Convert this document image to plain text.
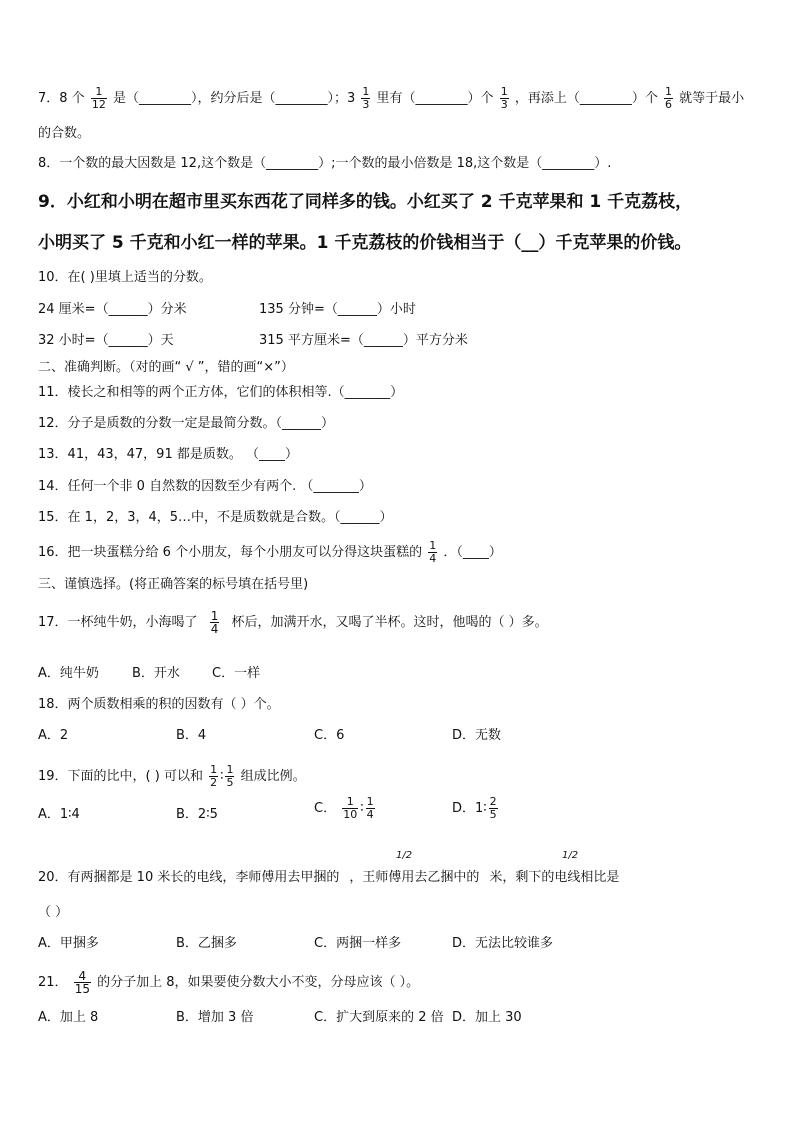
7．8 个 $\frac{1}{12}$ 是（________），约分后是（________）；$3 \frac{1}{3}$ 里有（________）个 $\frac{1}{3}$ ，再添上（________）个 $\frac{1}{6}$ 就等于最小
的合数。
8．一个数的最大因数是 12,这个数是（________）;一个数的最小倍数是 18,这个数是（________）.
9．小红和小明在超市里买东西花了同样多的钱。小红买了 2 千克苹果和 1 千克荔枝，
小明买了 5 千克和小红一样的苹果。1 千克荔枝的价钱相当于（__）千克苹果的价钱。
10．在( )里填上适当的分数。
24 厘米=（______）分米	135 分钟=（______）小时
32 小时=（______）天	315 平方厘米=（______）平方分米
二、准确判断。（对的画“ √ ”，错的画“×”）
11．棱长之和相等的两个正方体，它们的体积相等.（_______）
12．分子是质数的分数一定是最简分数。（______）
13．41，43，47，91 都是质数。 （____）
14．任何一个非 0 自然数的因数至少有两个. （_______）
15．在 1，2，3，4，5…中，不是质数就是合数。（______）
16．把一块蛋糕分给 6 个小朋友，每个小朋友可以分得这块蛋糕的 $\frac{1}{4}$ ．（____）
三、谨慎选择。(将正确答案的标号填在括号里)
17．一杯纯牛奶，小海喝了 $\frac{1}{4}$ 杯后，加满开水，又喝了半杯。这时，他喝的（ ）多。
A．纯牛奶	B．开水 C．一样
18．两个质数相乘的积的因数有（ ）个。
A．2	B．4	C．6	D．无数
19．下面的比中，( ) 可以和 $\frac{1}{2}$ ∶ $\frac{1}{5}$ 组成比例。
A．1∶4	B．2∶5	C． $\frac{1}{10}$ ∶ $\frac{1}{4}$	D．1∶ $\frac{2}{5}$
1/2	1/2
20．有两捆都是 10 米长的电线，李师傅用去甲捆的 ，王师傅用去乙捆中的 米，剩下的电线相比是
（ ）
A．甲捆多	B．乙捆多	C．两捆一样多	D．无法比较谁多
21． $\frac{4}{15}$ 的分子加上 8，如果要使分数大小不变，分母应该（ ）。
A．加上 8	B．增加 3 倍	C．扩大到原来的 2 倍 D．加上 30
